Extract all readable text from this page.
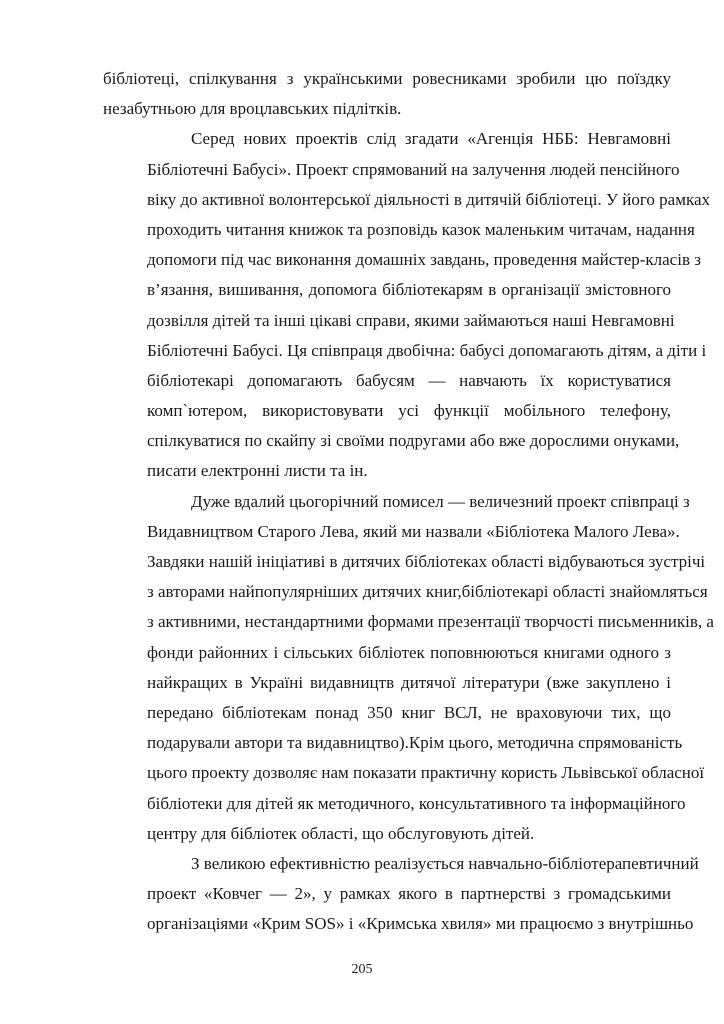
бібліотеці, спілкування з українськими ровесниками зробили цю поїздку
незабутньою для вроцлавських підлітків.
Серед нових проектів слід згадати «Агенція НББ: Невгамовні
Бібліотечні Бабусі». Проект спрямований на залучення людей пенсійного
віку до активної волонтерської діяльності в дитячій бібліотеці. У його рамках
проходить читання книжок та розповідь казок маленьким читачам, надання
допомоги під час виконання домашніх завдань, проведення майстер-класів з
в’язання, вишивання, допомога бібліотекарям в організації змістовного
дозвілля дітей та інші цікаві справи, якими займаються наші Невгамовні
Бібліотечні Бабусі. Ця співпраця двобічна: бабусі допомагають дітям, а діти і
бібліотекарі допомагають бабусям — навчають їх користуватися
комп`ютером, використовувати усі функції мобільного телефону,
спілкуватися по скайпу зі своїми подругами або вже дорослими онуками,
писати електронні листи та ін.
Дуже вдалий цьогорічний помисел — величезний проект співпраці з
Видавництвом Старого Лева, який ми назвали «Бібліотека Малого Лева».
Завдяки нашій ініціативі в дитячих бібліотеках області відбуваються зустрічі
з авторами найпопулярніших дитячих книг,бібліотекарі області знайомляться
з активними, нестандартними формами презентації творчості письменників, а
фонди районних і сільських бібліотек поповнюються книгами одного з
найкращих в Україні видавництв дитячої літератури (вже закуплено і
передано бібліотекам понад 350 книг ВСЛ, не враховуючи тих, що
подарували автори та видавництво).Крім цього, методична спрямованість
цього проекту дозволяє нам показати практичну користь Львівської обласної
бібліотеки для дітей як методичного, консультативного та інформаційного
центру для бібліотек області, що обслуговують дітей.
З великою ефективністю реалізується навчально-бібліотерапевтичний
проект «Ковчег — 2», у рамках якого в партнерстві з громадськими
організаціями «Крим SOS» і «Кримська хвиля» ми працюємо з внутрішньо
205
